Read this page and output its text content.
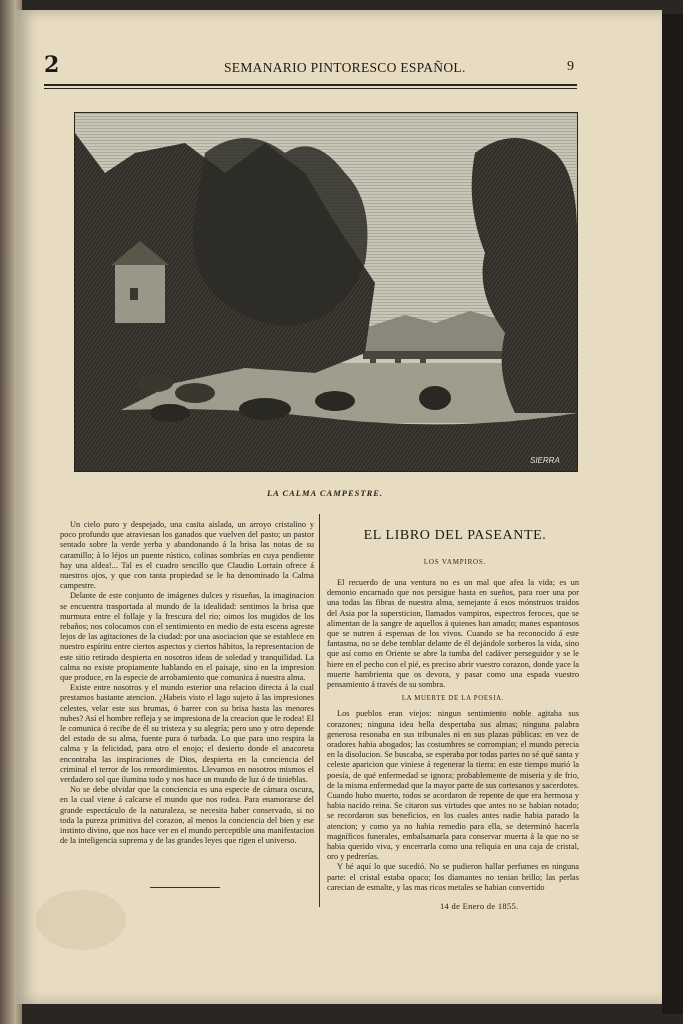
2	SEMANARIO PINTORESCO ESPAÑOL.	9
SIERRA
LA CALMA CAMPESTRE.

Un cielo puro y despejado, una casita aislada, un arroyo cristalino y poco profundo que atraviesan los ganados que vuelven del pasto; un pastor sentado sobre la verde yerba y abandonando á la brisa las notas de su caramillo; á lo léjos un puente rústico, colinas sombrías en cuya pendiente hay una aldea!... Tal es el cuadro sencillo que Claudio Lorrain ofrece á nuestros ojos, y que con tanta propiedad se le ha denominado la Calma campestre.

Delante de este conjunto de imágenes dulces y risueñas, la imaginacion se encuentra trasportada al mundo de la idealidad: sentimos la brisa que murmura entre el follaje y la frescura del rio; oimos los mugidos de los rebaños; nos colocamos con el sentimiento en medio de esta escena agreste lejos de las agitaciones de la ciudad: por una asociacion que se establece en nuestro espíritu entre ciertos aspectos y ciertos hábitos, la representacion de este sitio retirado despierta en nosotros ideas de soledad y tranquilidad. La calma no existe propiamente hablando en el paisaje, sino en la impresion que produce, en la especie de arrobamiento que comunica á nuestra alma.

Existe entre nosotros y el mundo esterior una relacion directa á la cual prestamos bastante atencion. ¿Habeis visto el lago sujeto á las impresiones celestes, velar este sus brumas, ó barrer con su brisa hasta las menores nubes? Así el hombre refleja y se impresiona de la creacion que le rodea! El le comunica ó recibe de él su tristeza y su alegría; pero uno y otro depende del estado de su alma, fuente pura ó turbada. Lo que para uno respira la calma y la felicidad, para otro el enojo; el desierto donde el anacoreta encontraba las inspiraciones de Dios, despierta en la conciencia del criminal el terror de los remordimientos. Llevamos en nosotros mismos el verdadero sol que ilumina todo y nos hace un mundo de luz ó de tinieblas.

No se debe olvidar que la conciencia es una especie de cámara oscura, en la cual viene á calcarse el mundo que nos rodea. Para enamorarse del grande espectáculo de la naturaleza, se necesita haber conservado, si no toda la pureza primitiva del corazon, al menos la conciencia del bien y ese instinto divino, que nos hace ver en el mundo perceptible una manifestacion de la inteligencia suprema y de las grandes leyes que rigen el universo.

EL LIBRO DEL PASEANTE.
LOS VAMPIROS.

El recuerdo de una ventura no es un mal que afea la vida; es un demonio encarnado que nos persigue hasta en sueños, para roer una por una todas las fibras de nuestra alma, semejante á esos mónstruos traidos del Asia por la supersticion, llamados vampiros, espectros feroces, que se alimentan de la sangre de aquellos á quienes han amado; manes espantosos que se nutren á espensas de los vivos. Cuando se ha reconocido á este fantasma, no se debe temblar delante de él dejándole sorberos la vida, sino que así como en Oriente se abre la tumba del cadáver perseguidor y se le hiere en el pecho con el pié, es preciso abrir vuestro corazon, donde yace la muerte hambrienta que os devora, y pasar como una espada vuestro pensamiento á través de su sombra.

LA MUERTE DE LA POESIA.

Los pueblos eran viejos: ningun sentimiento noble agitaba sus corazones; ninguna idea bella despertaba sus almas; ninguna palabra generosa resonaba en sus tribunales ni en sus plazas públicas: en vez de oradores habia abogados; las costumbres se corrompian; el mundo perecia en la disolucion. Se buscaba, se esperaba por todas partes no sé qué santa y celeste aparicion que viniese á regenerar la tierra: en este tiempo murió la poesía, de qué enfermedad se ignora; probablemente de miseria y de frio, de la misma enfermedad que la mayor parte de sus cortesanos y sacerdotes. Cuando hubo muerto, todos se acordaron de repente de que era hermosa y habia nacido reina. Se citaron sus virtudes que antes no se habian notado; se recordaron sus beneficios, en los cuales antes nadie habia parado la atencion; y como ya no habia remedio para ella, se determinó hacerla magníficos funerales, embalsamarla para conservar muerta á la que no se habia querido viva, y encerrarla como una reliquia en una caja de cristal, oro y pedrerías.

Y hé aquí lo que sucedió. No se pudieron hallar perfumes en ninguna parte: el cristal estaba opaco; los diamantes no tenian brillo; las perlas carecian de esmalte, y las mas ricos metales se habian convertido

14 de Enero de 1855.
